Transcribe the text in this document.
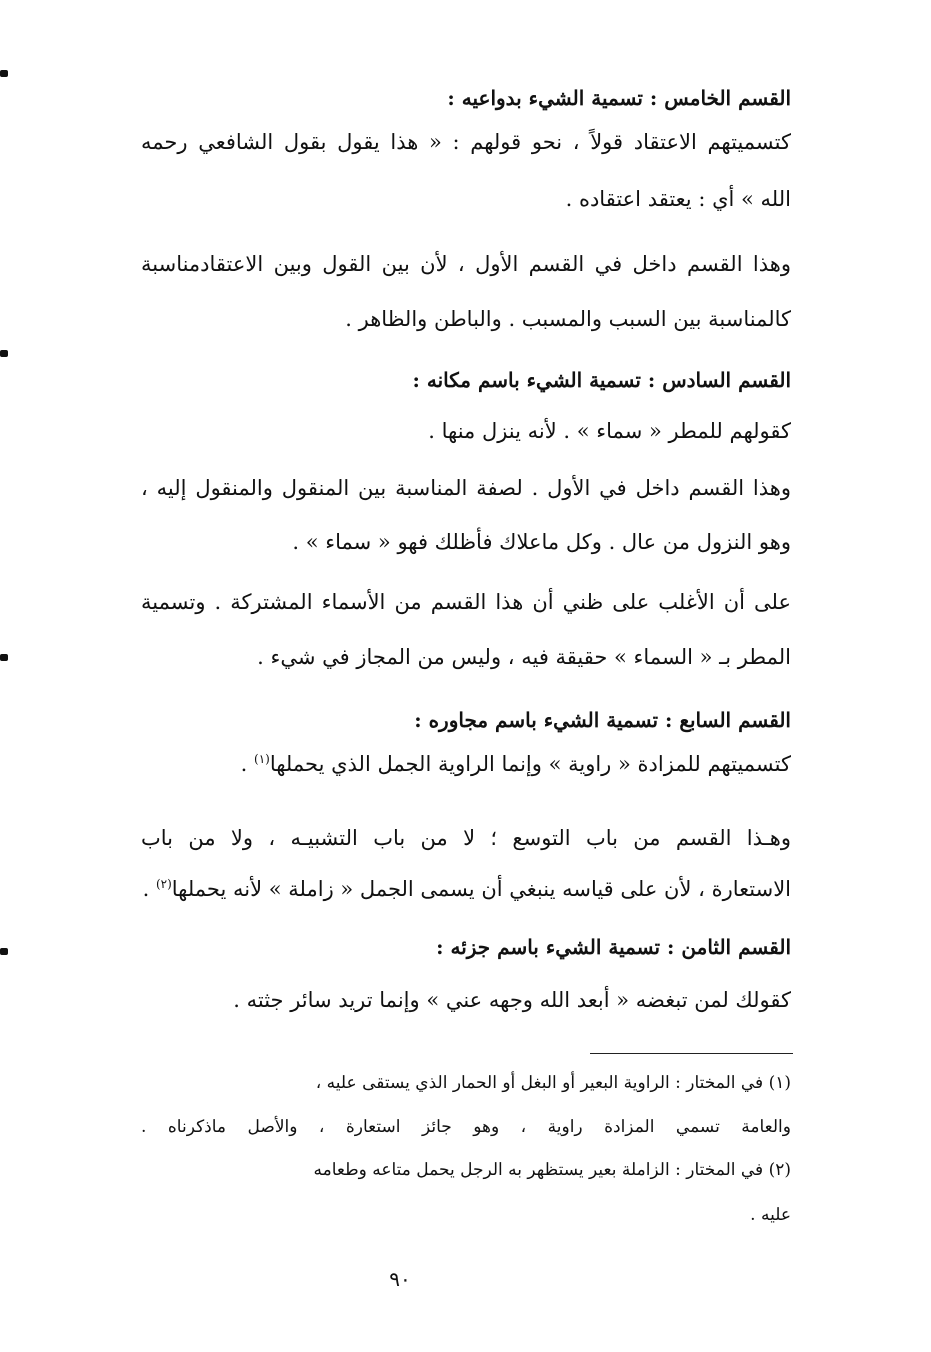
القسم الخامس : تسمية الشيء بدواعيه :
كتسميتهم الاعتقاد قولاً ، نحو قولهم : « هذا يقول بقول الشافعي رحمه
الله » أي : يعتقد اعتقاده .
وهذا القسم داخل في القسم الأول ، لأن بين القول وبين الاعتقادمناسبة
كالمناسبة بين السبب والمسبب . والباطن والظاهر .
القسم السادس : تسمية الشيء باسم مكانه :
كقولهم للمطر « سماء » . لأنه ينزل منها .
وهذا القسم داخل في الأول . لصفة المناسبة بين المنقول والمنقول إليه ،
وهو النزول من عال . وكل ماعلاك فأظلك فهو « سماء » .
على أن الأغلب على ظني أن هذا القسم من الأسماء المشتركة . وتسمية
المطر بـ « السماء » حقيقة فيه ، وليس من المجاز في شيء .
القسم السابع : تسمية الشيء باسم مجاوره :
كتسميتهم للمزادة « راوية » وإنما الراوية الجمل الذي يحملها$^{(١)}$ .
وهـذا القسم من باب التوسع ؛ لا من باب التشبيـه ، ولا من باب
الاستعارة ، لأن على قياسه ينبغي أن يسمى الجمل « زاملة » لأنه يحملها$^{(٢)}$ .
القسم الثامن : تسمية الشيء باسم جزئه :
كقولك لمن تبغضه « أبعد الله وجهه عني » وإنما تريد سائر جثته .
(١) في المختار : الراوية البعير أو البغل أو الحمار الذي يستقى عليه ،
والعامة تسمي المزادة راوية ، وهو جائز استعارة ، والأصل ماذكرناه .
(٢) في المختار : الزاملة بعير يستظهر به الرجل يحمل متاعه وطعامه
عليه .
٩٠
